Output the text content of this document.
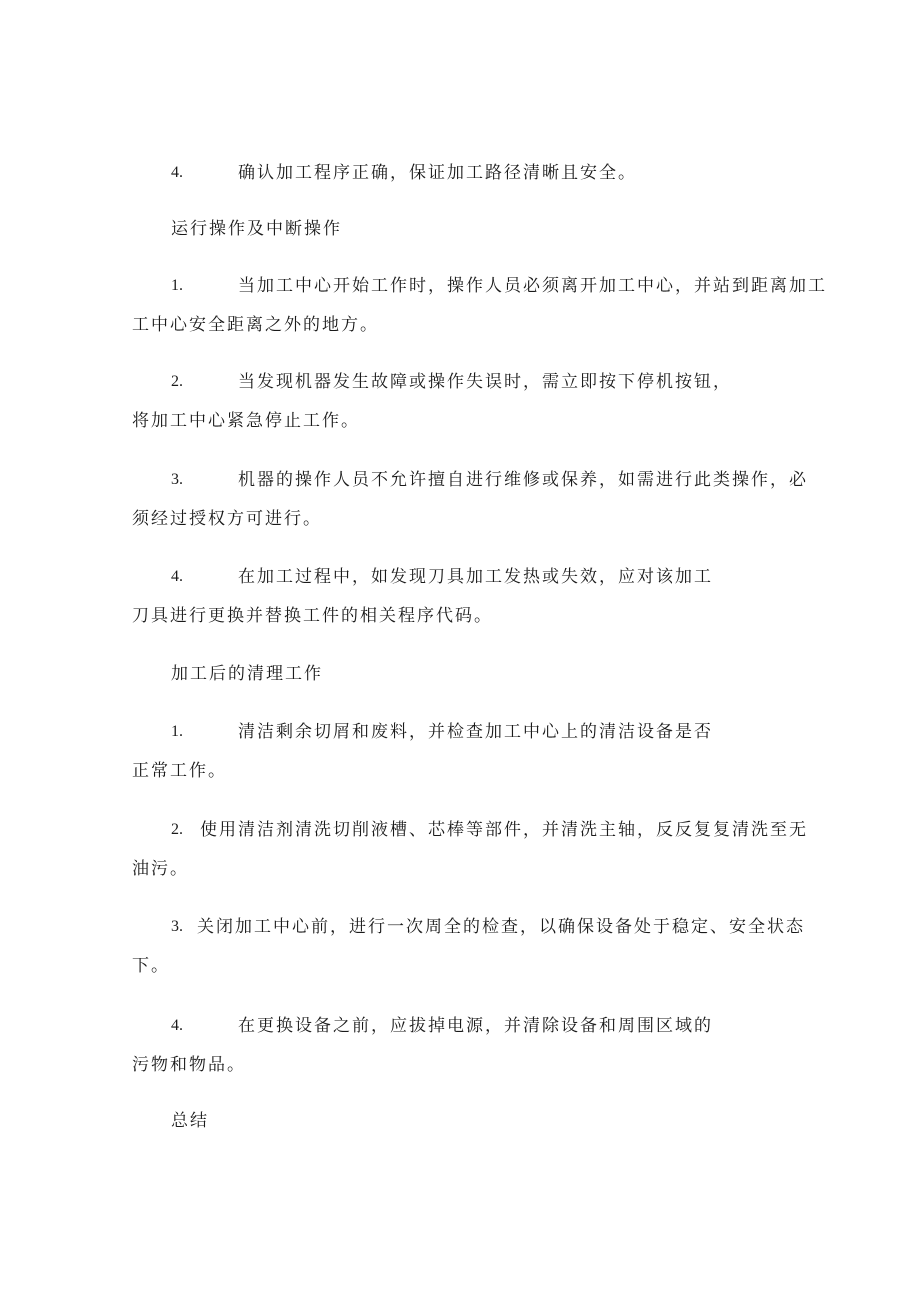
4.	确认加工程序正确，保证加工路径清晰且安全。
运行操作及中断操作
1.	当加工中心开始工作时，操作人员必须离开加工中心，并站到距离加工
工中心安全距离之外的地方。
2.	当发现机器发生故障或操作失误时，需立即按下停机按钮，
将加工中心紧急停止工作。
3.	机器的操作人员不允许擅自进行维修或保养，如需进行此类操作，必
须经过授权方可进行。
4.	在加工过程中，如发现刀具加工发热或失效，应对该加工
刀具进行更换并替换工件的相关程序代码。
加工后的清理工作
1.	清洁剩余切屑和废料，并检查加工中心上的清洁设备是否
正常工作。
2. 使用清洁剂清洗切削液槽、芯棒等部件，并清洗主轴，反反复复清洗至无
油污。
3. 关闭加工中心前，进行一次周全的检查，以确保设备处于稳定、安全状态
下。
4.	在更换设备之前，应拔掉电源，并清除设备和周围区域的
污物和物品。
总结
